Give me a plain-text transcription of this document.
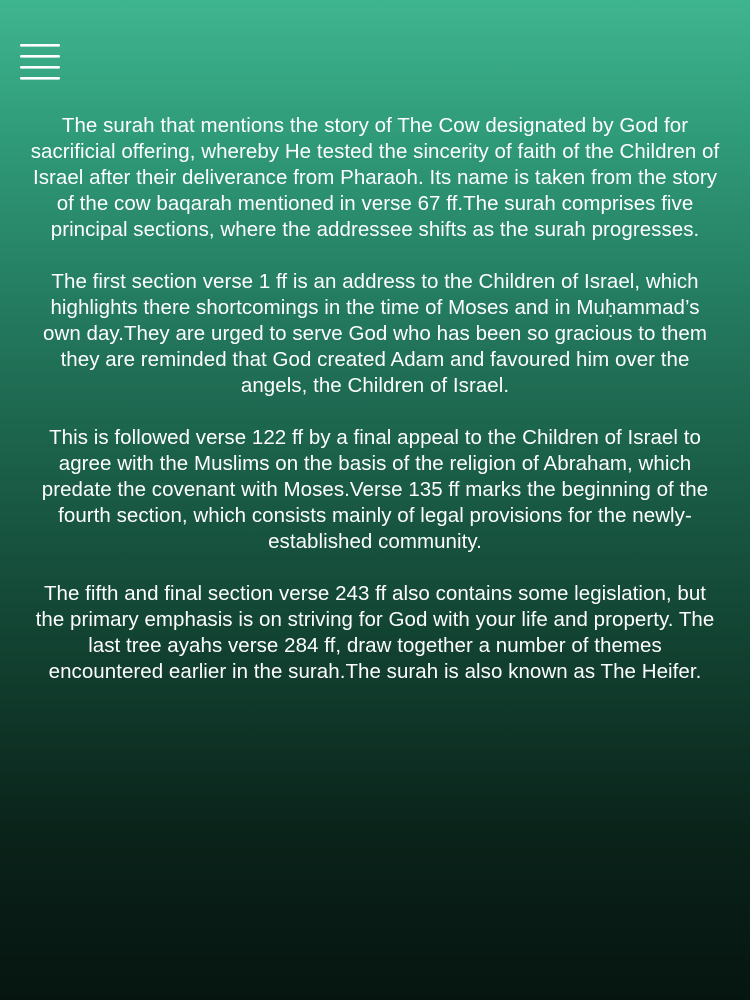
The surah that mentions the story of The Cow designated by God for sacrificial offering, whereby He tested the sincerity of faith of the Children of Israel after their deliverance from Pharaoh. Its name is taken from the story of the cow baqarah mentioned in verse 67 ff.The surah comprises five principal sections, where the addressee shifts as the surah progresses.

The first section verse 1 ff is an address to the Children of Israel, which highlights there shortcomings in the time of Moses and in Muḥammad’s own day.They are urged to serve God who has been so gracious to them they are reminded that God created Adam and favoured him over the angels, the Children of Israel.

This is followed verse 122 ff by a final appeal to the Children of Israel to agree with the Muslims on the basis of the religion of Abraham, which predate the covenant with Moses.Verse 135 ff marks the beginning of the fourth section, which consists mainly of legal provisions for the newly-established community.

The fifth and final section verse 243 ff also contains some legislation, but the primary emphasis is on striving for God with your life and property. The last tree ayahs verse 284 ff, draw together a number of themes encountered earlier in the surah.The surah is also known as The Heifer.
